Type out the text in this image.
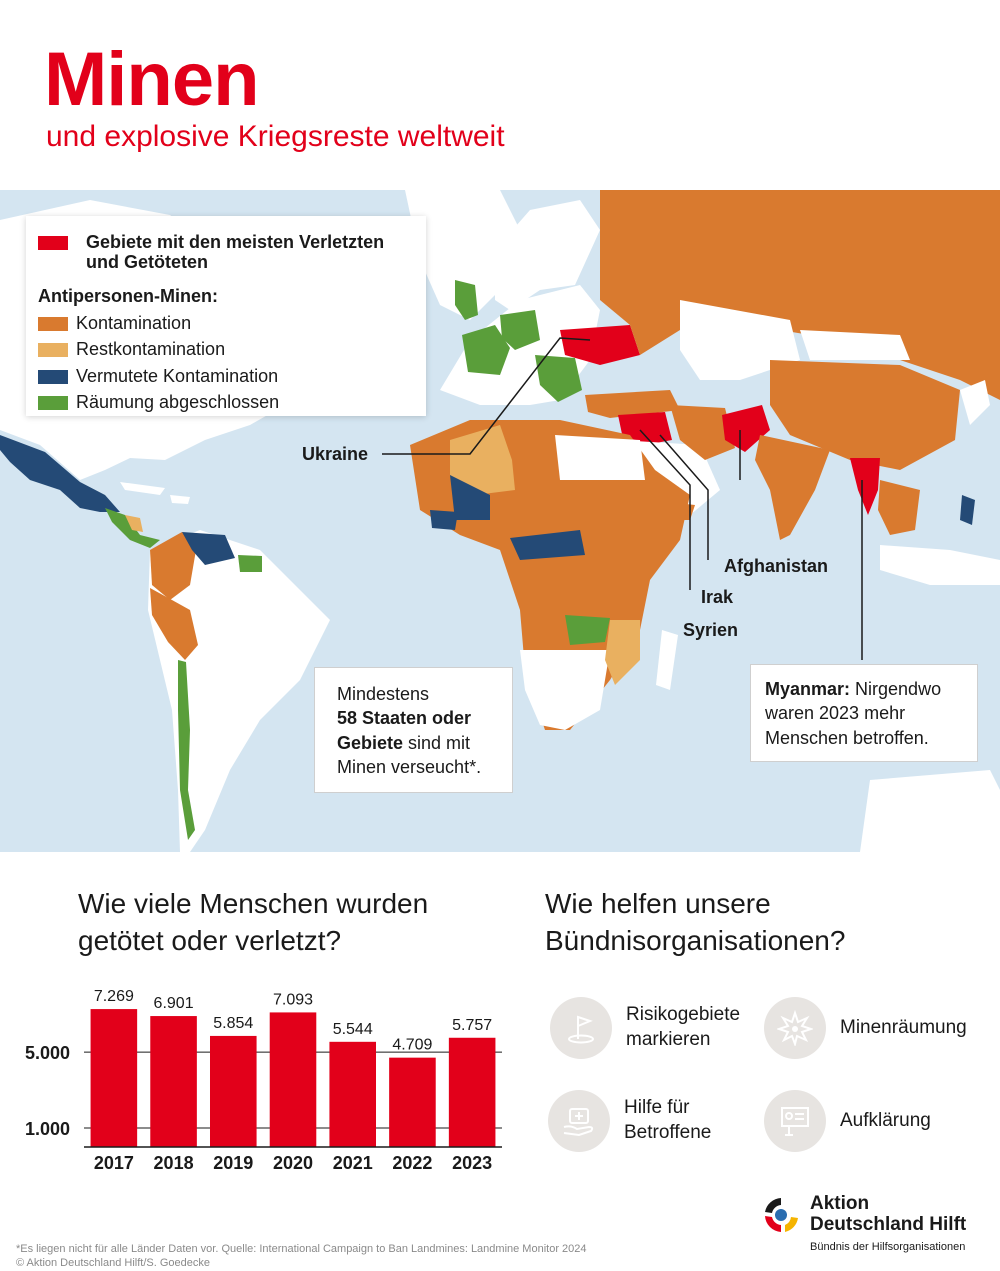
Minen
und explosive Kriegsreste weltweit
Gebiete mit den meisten Verletzten und Getöteten
Antipersonen-Minen:
Kontamination
Restkontamination
Vermutete Kontamination
Räumung abgeschlossen
Ukraine
Afghanistan
Irak
Syrien
Mindestens
58 Staaten oder
Gebiete sind mit
Minen verseucht*.
Myanmar: Nirgendwo
waren 2023 mehr
Menschen betroffen.
Wie viele Menschen wurden
getötet oder verletzt?
1.000
5.000
7.269
2017
6.901
2018
5.854
2019
7.093
2020
5.544
2021
4.709
2022
5.757
2023
Wie helfen unsere
Bündnisorganisationen?
Risikogebiete
markieren
Minenräumung
Hilfe für
Betroffene
Aufklärung
Aktion
Deutschland Hilft
Bündnis der Hilfsorganisationen
*Es liegen nicht für alle Länder Daten vor. Quelle: International Campaign to Ban Landmines: Landmine Monitor 2024
© Aktion Deutschland Hilft/S. Goedecke
